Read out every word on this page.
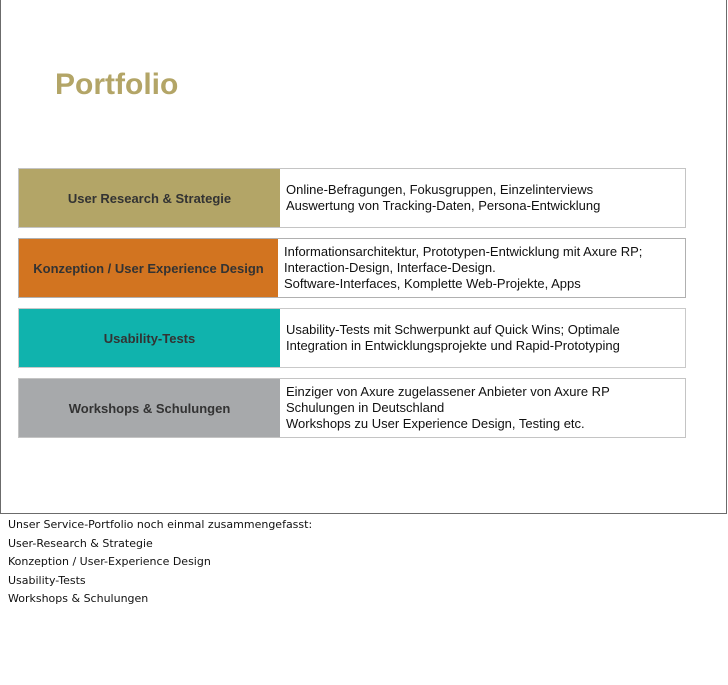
Portfolio
User Research & Strategie
Online-Befragungen, Fokusgruppen, Einzelinterviews
Auswertung von Tracking-Daten, Persona-Entwicklung
Konzeption / User Experience Design
Informationsarchitektur, Prototypen-Entwicklung mit Axure RP;
Interaction-Design, Interface-Design.
Software-Interfaces, Komplette Web-Projekte, Apps
Usability-Tests
Usability-Tests mit Schwerpunkt auf Quick Wins; Optimale
Integration in Entwicklungsprojekte und Rapid-Prototyping
Workshops & Schulungen
Einziger von Axure zugelassener Anbieter von Axure RP
Schulungen in Deutschland
Workshops zu User Experience Design, Testing etc.
Unser Service-Portfolio noch einmal zusammengefasst:
User-Research & Strategie
Konzeption / User-Experience Design
Usability-Tests
Workshops & Schulungen
